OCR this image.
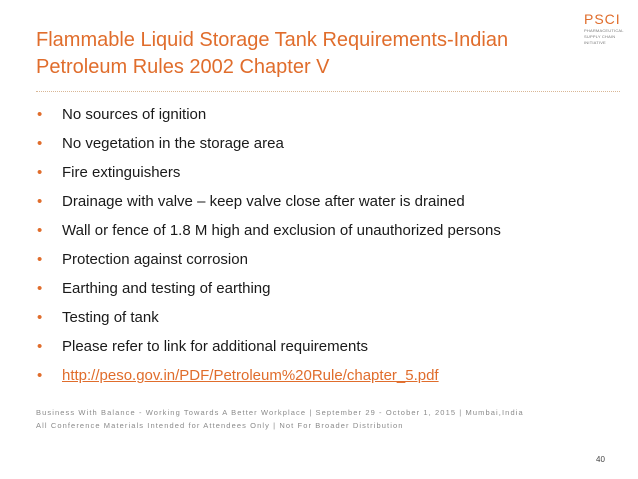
Flammable Liquid Storage Tank Requirements-Indian
Petroleum Rules 2002 Chapter V
PSCI
PHARMACEUTICAL
SUPPLY CHAIN
INITIATIVE
• No sources of ignition
• No vegetation in the storage area
• Fire extinguishers
• Drainage with valve – keep valve close after water is drained
• Wall or fence of 1.8 M high and exclusion of unauthorized persons
• Protection against corrosion
• Earthing and testing of earthing
• Testing of tank
• Please refer to link for additional requirements
• http://peso.gov.in/PDF/Petroleum%20Rule/chapter_5.pdf
Business With Balance - Working Towards A Better Workplace | September 29 - October 1, 2015 | Mumbai,India
All Conference Materials Intended for Attendees Only | Not For Broader Distribution
40
